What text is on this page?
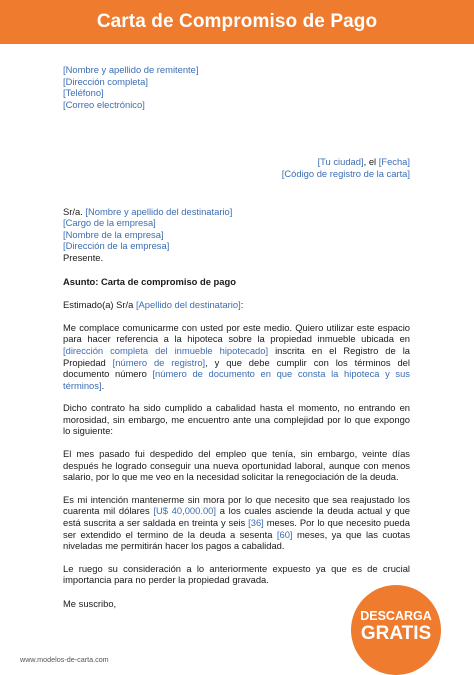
Carta de Compromiso de Pago
[Nombre y apellido de remitente]
[Dirección completa]
[Teléfono]
[Correo electrónico]
[Tu ciudad], el [Fecha]
[Código de registro de la carta]
Sr/a. [Nombre y apellido del destinatario]
[Cargo de la empresa]
[Nombre de la empresa]
[Dirección de la empresa]
Presente.
Asunto: Carta de compromiso de pago
Estimado(a) Sr/a [Apellido del destinatario]:

Me complace comunicarme con usted por este medio. Quiero utilizar este espacio para hacer referencia a la hipoteca sobre la propiedad inmueble ubicada en [dirección completa del inmueble hipotecado] inscrita en el Registro de la Propiedad [número de registro], y que debe cumplir con los términos del documento número [número de documento en que consta la hipoteca y sus términos].

Dicho contrato ha sido cumplido a cabalidad hasta el momento, no entrando en morosidad, sin embargo, me encuentro ante una complejidad por lo que expongo lo siguiente:

El mes pasado fui despedido del empleo que tenía, sin embargo, veinte días después he logrado conseguir una nueva oportunidad laboral, aunque con menos salario, por lo que me veo en la necesidad solicitar la renegociación de la deuda.

Es mi intención mantenerme sin mora por lo que necesito que sea reajustado los cuarenta mil dólares [U$ 40,000.00] a los cuales asciende la deuda actual y que está suscrita a ser saldada en treinta y seis [36] meses. Por lo que necesito pueda ser extendido el termino de la deuda a sesenta [60] meses, ya que las cuotas niveladas me permitirán hacer los pagos a cabalidad.

Le ruego su consideración a lo anteriormente expuesto ya que es de crucial importancia para no perder la propiedad gravada.

Me suscribo,
www.modelos-de-carta.com
DESCARGA
GRATIS
